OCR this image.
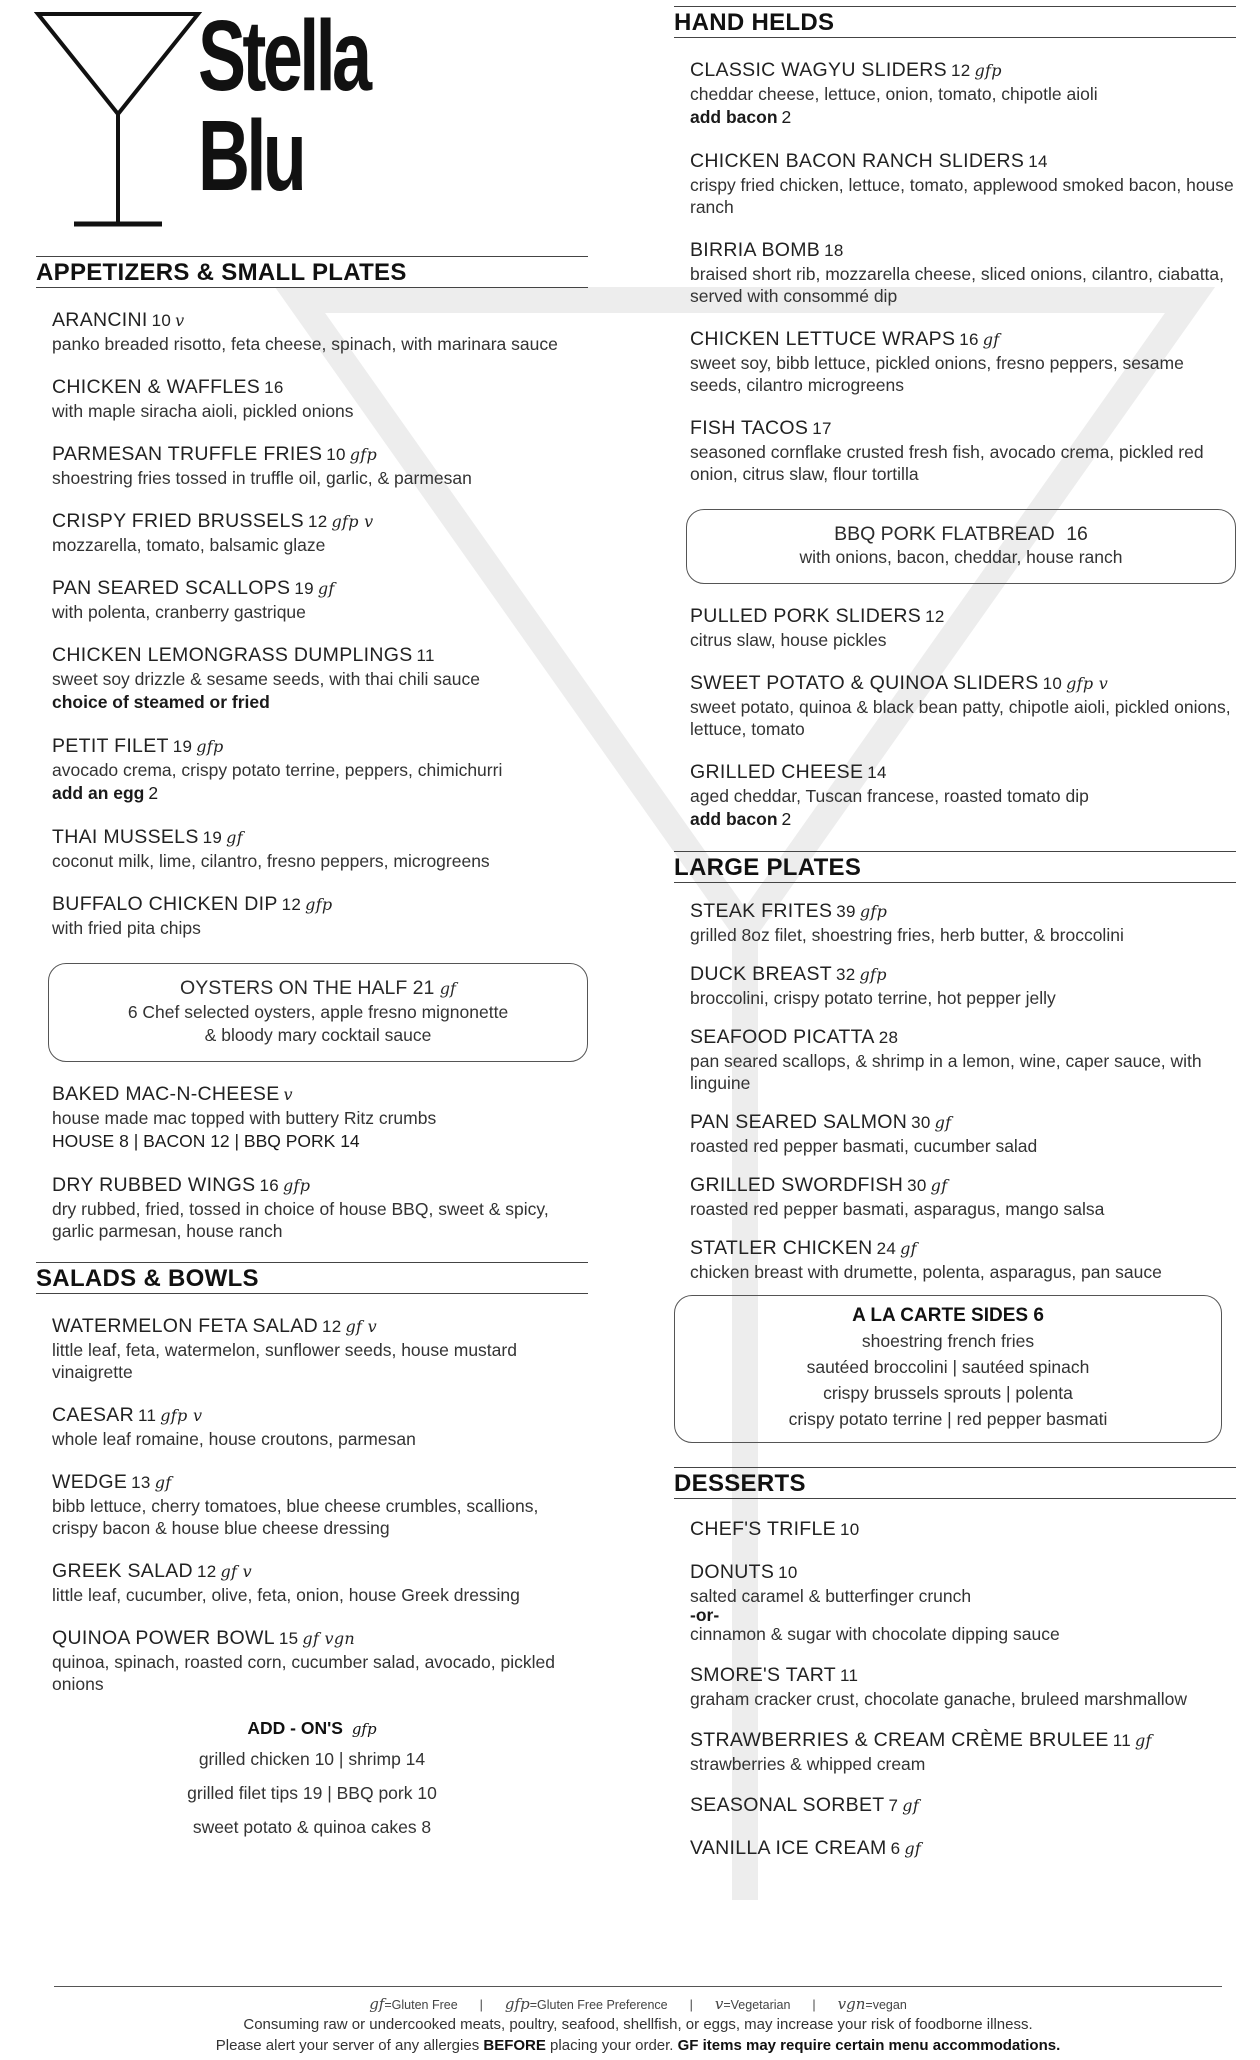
Stella
Blu
APPETIZERS & SMALL PLATES
ARANCINI 10 v
panko breaded risotto, feta cheese, spinach, with marinara sauce
CHICKEN & WAFFLES 16
with maple siracha aioli, pickled onions
PARMESAN TRUFFLE FRIES 10 gfp
shoestring fries tossed in truffle oil, garlic, & parmesan
CRISPY FRIED BRUSSELS 12 gfp v
mozzarella, tomato, balsamic glaze
PAN SEARED SCALLOPS 19 gf
with polenta, cranberry gastrique
CHICKEN LEMONGRASS DUMPLINGS 11
sweet soy drizzle & sesame seeds, with thai chili sauce
choice of steamed or fried
PETIT FILET 19 gfp
avocado crema, crispy potato terrine, peppers, chimichurri
add an egg 2
THAI MUSSELS 19 gf
coconut milk, lime, cilantro, fresno peppers, microgreens
BUFFALO CHICKEN DIP 12 gfp
with fried pita chips
OYSTERS ON THE HALF 21 gf
6 Chef selected oysters, apple fresno mignonette
& bloody mary cocktail sauce
BAKED MAC-N-CHEESE v
house made mac topped with buttery Ritz crumbs
HOUSE 8 | BACON 12 | BBQ PORK 14
DRY RUBBED WINGS 16 gfp
dry rubbed, fried, tossed in choice of house BBQ, sweet & spicy, garlic parmesan, house ranch
SALADS & BOWLS
WATERMELON FETA SALAD 12 gf v
little leaf, feta, watermelon, sunflower seeds, house mustard vinaigrette
CAESAR 11 gfp v
whole leaf romaine, house croutons, parmesan
WEDGE 13 gf
bibb lettuce, cherry tomatoes, blue cheese crumbles, scallions, crispy bacon & house blue cheese dressing
GREEK SALAD 12 gf v
little leaf, cucumber, olive, feta, onion, house Greek dressing
QUINOA POWER BOWL 15 gf vgn
quinoa, spinach, roasted corn, cucumber salad, avocado, pickled onions
ADD - ON'S gfp
grilled chicken 10 | shrimp 14
grilled filet tips 19 | BBQ pork 10
sweet potato & quinoa cakes 8
HAND HELDS
CLASSIC WAGYU SLIDERS 12 gfp
cheddar cheese, lettuce, onion, tomato, chipotle aioli
add bacon 2
CHICKEN BACON RANCH SLIDERS 14
crispy fried chicken, lettuce, tomato, applewood smoked bacon, house ranch
BIRRIA BOMB 18
braised short rib, mozzarella cheese, sliced onions, cilantro, ciabatta, served with consommé dip
CHICKEN LETTUCE WRAPS 16 gf
sweet soy, bibb lettuce, pickled onions, fresno peppers, sesame seeds, cilantro microgreens
FISH TACOS 17
seasoned cornflake crusted fresh fish, avocado crema, pickled red onion, citrus slaw, flour tortilla
BBQ PORK FLATBREAD 16
with onions, bacon, cheddar, house ranch
PULLED PORK SLIDERS 12
citrus slaw, house pickles
SWEET POTATO & QUINOA SLIDERS 10 gfp v
sweet potato, quinoa & black bean patty, chipotle aioli, pickled onions, lettuce, tomato
GRILLED CHEESE 14
aged cheddar, Tuscan francese, roasted tomato dip
add bacon 2
LARGE PLATES
STEAK FRITES 39 gfp
grilled 8oz filet, shoestring fries, herb butter, & broccolini
DUCK BREAST 32 gfp
broccolini, crispy potato terrine, hot pepper jelly
SEAFOOD PICATTA 28
pan seared scallops, & shrimp in a lemon, wine, caper sauce, with linguine
PAN SEARED SALMON 30 gf
roasted red pepper basmati, cucumber salad
GRILLED SWORDFISH 30 gf
roasted red pepper basmati, asparagus, mango salsa
STATLER CHICKEN 24 gf
chicken breast with drumette, polenta, asparagus, pan sauce
A LA CARTE SIDES 6
shoestring french fries
sautéed broccolini | sautéed spinach
crispy brussels sprouts | polenta
crispy potato terrine | red pepper basmati
DESSERTS
CHEF'S TRIFLE 10
DONUTS 10
salted caramel & butterfinger crunch
-or-
cinnamon & sugar with chocolate dipping sauce
SMORE'S TART 11
graham cracker crust, chocolate ganache, bruleed marshmallow
STRAWBERRIES & CREAM CRÈME BRULEE 11 gf
strawberries & whipped cream
SEASONAL SORBET 7 gf
VANILLA ICE CREAM 6 gf
gf=Gluten Free | gfp=Gluten Free Preference | v=Vegetarian | vgn=vegan
Consuming raw or undercooked meats, poultry, seafood, shellfish, or eggs, may increase your risk of foodborne illness.
Please alert your server of any allergies BEFORE placing your order. GF items may require certain menu accommodations.
